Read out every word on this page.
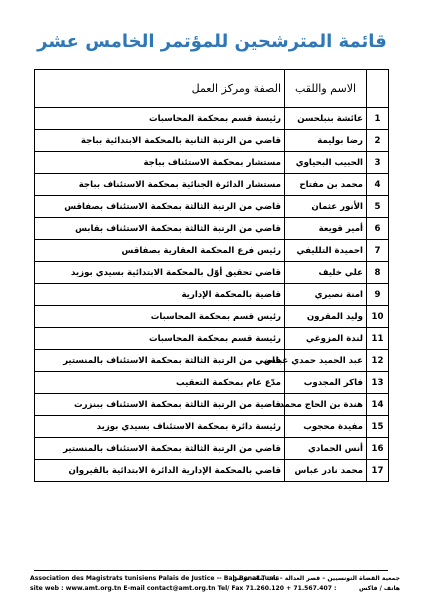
قائمة المترشحين للمؤتمر الخامس عشر
	الاسم واللقب	الصفة ومركز العمل
1	عائشة بنبلحسن	رئيسة قسم بمحكمة المحاسبات
2	رضا بوليمة	قاضي من الرتبة الثانية بالمحكمة الابتدائية بباجة
3	الحبيب البحياوي	مستشار بمحكمة الاستئناف بباجة
4	محمد بن مفتاح	مستشار الدائرة الجنائية بمحكمة الاستئناف بباجة
5	الأنور عثمان	قاضي من الرتبة الثالثة بمحكمة الاستئناف بصفاقس
6	أمير قويعة	قاضي من الرتبة الثالثة بمحكمة الاستئناف بقابس
7	احميدة التلليفي	رئيس فرع المحكمة العقارية بصفاقس
8	علي خليف	قاضي تحقيق أوّل بالمحكمة الابتدائية بسيدي بوزيد
9	امنة نصيري	قاضية بالمحكمة الإدارية
10	وليد المقرون	رئيس قسم بمحكمة المحاسبات
11	لندة المزوغي	رئيسة قسم بمحكمة المحاسبات
12	عبد الحميد حمدي عباس	قاضي من الرتبة الثالثة بمحكمة الاستئناف بالمنستير
13	فاكر المجدوب	مدّع عام بمحكمة التعقيب
14	هندة بن الحاج محمد	قاضية من الرتبة الثالثة بمحكمة الاستئناف ببنزرت
15	مفيدة محجوب	رئيسة دائرة بمحكمة الاستئناف بسيدي بوزيد
16	أنس الحمادي	قاضي من الرتبة الثالثة بمحكمة الاستئناف بالمنستير
17	محمد نادر عباس	قاضي بالمحكمة الإدارية الدائرة الابتدائية بالقيروان
Association des Magistrats tunisiens Palais de Justice -- Bab Benat Tunis
جمعية القضاة التونسيين – قصر العدالة – باب بنات تونس
site web : www.amt.org.tn E-mail contact@amt.org.tn Tel/ Fax 71.260.120 + 71.567.407 :	هاتف / فاكس
